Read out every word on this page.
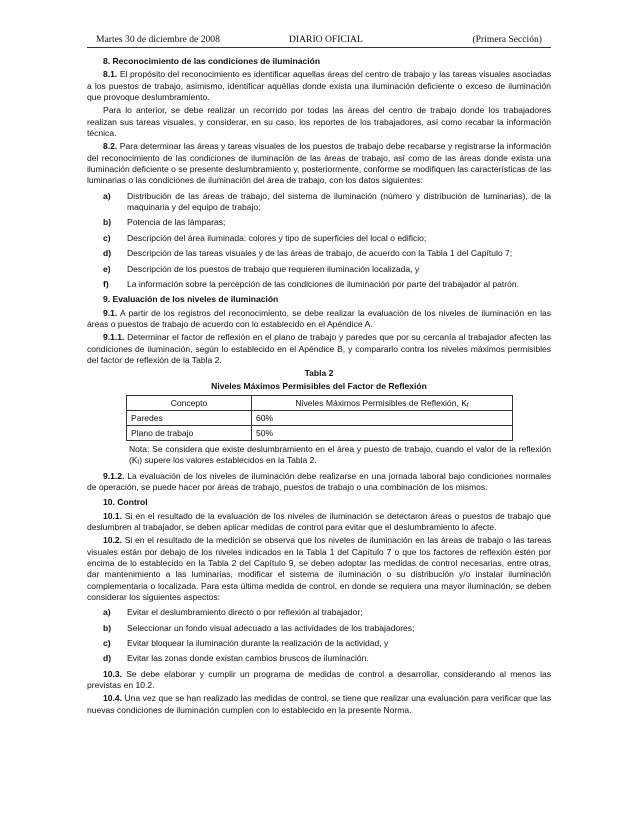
Martes 30 de diciembre de 2008	DIARIO OFICIAL	(Primera Sección)
8. Reconocimiento de las condiciones de iluminación

8.1. El propósito del reconocimiento es identificar aquellas áreas del centro de trabajo y las tareas visuales asociadas a los puestos de trabajo, asimismo, identificar aquéllas donde exista una iluminación deficiente o exceso de iluminación que provoque deslumbramiento.

Para lo anterior, se debe realizar un recorrido por todas las áreas del centro de trabajo donde los trabajadores realizan sus tareas visuales, y considerar, en su caso, los reportes de los trabajadores, así como recabar la información técnica.

8.2. Para determinar las áreas y tareas visuales de los puestos de trabajo debe recabarse y registrarse la información del reconocimiento de las condiciones de iluminación de las áreas de trabajo, así como de las áreas donde exista una iluminación deficiente o se presente deslumbramiento y, posteriormente, conforme se modifiquen las características de las luminarias o las condiciones de iluminación del área de trabajo, con los datos siguientes:

a) Distribución de las áreas de trabajo, del sistema de iluminación (número y distribución de luminarias), de la maquinaria y del equipo de trabajo;
b) Potencia de las lámparas;
c) Descripción del área iluminada: colores y tipo de superficies del local o edificio;
d) Descripción de las tareas visuales y de las áreas de trabajo, de acuerdo con la Tabla 1 del Capítulo 7;
e) Descripción de los puestos de trabajo que requieren iluminación localizada, y
f) La información sobre la percepción de las condiciones de iluminación por parte del trabajador al patrón.
9. Evaluación de los niveles de iluminación

9.1. A partir de los registros del reconocimiento, se debe realizar la evaluación de los niveles de iluminación en las áreas o puestos de trabajo de acuerdo con lo establecido en el Apéndice A.

9.1.1. Determinar el factor de reflexión en el plano de trabajo y paredes que por su cercanía al trabajador afecten las condiciones de iluminación, según lo establecido en el Apéndice B, y compararlo contra los niveles máximos permisibles del factor de reflexión de la Tabla 2.

Tabla 2
Niveles Máximos Permisibles del Factor de Reflexión
Concepto	Niveles Máximos Permisibles de Reflexión, $K_f$
Paredes	60%
Plano de trabajo	50%
Nota: Se considera que existe deslumbramiento en el área y puesto de trabajo, cuando el valor de la reflexión $(K_f)$ supere los valores establecidos en la Tabla 2.

9.1.2. La evaluación de los niveles de iluminación debe realizarse en una jornada laboral bajo condiciones normales de operación, se puede hacer por áreas de trabajo, puestos de trabajo o una combinación de los mismos.

10. Control

10.1. Si en el resultado de la evaluación de los niveles de iluminación se detectaron áreas o puestos de trabajo que deslumbren al trabajador, se deben aplicar medidas de control para evitar que el deslumbramiento lo afecte.

10.2. Si en el resultado de la medición se observa que los niveles de iluminación en las áreas de trabajo o las tareas visuales están por debajo de los niveles indicados en la Tabla 1 del Capítulo 7 o que los factores de reflexión estén por encima de lo establecido en la Tabla 2 del Capítulo 9, se deben adoptar las medidas de control necesarias, entre otras, dar mantenimiento a las luminarias, modificar el sistema de iluminación o su distribución y/o instalar iluminación complementaria o localizada. Para esta última medida de control, en donde se requiera una mayor iluminación, se deben considerar los siguientes aspectos:

a) Evitar el deslumbramiento directo o por reflexión al trabajador;
b) Seleccionar un fondo visual adecuado a las actividades de los trabajadores;
c) Evitar bloquear la iluminación durante la realización de la actividad, y
d) Evitar las zonas donde existan cambios bruscos de iluminación.

10.3. Se debe elaborar y cumplir un programa de medidas de control a desarrollar, considerando al menos las previstas en 10.2.

10.4. Una vez que se han realizado las medidas de control, se tiene que realizar una evaluación para verificar que las nuevas condiciones de iluminación cumplen con lo establecido en la presente Norma.
